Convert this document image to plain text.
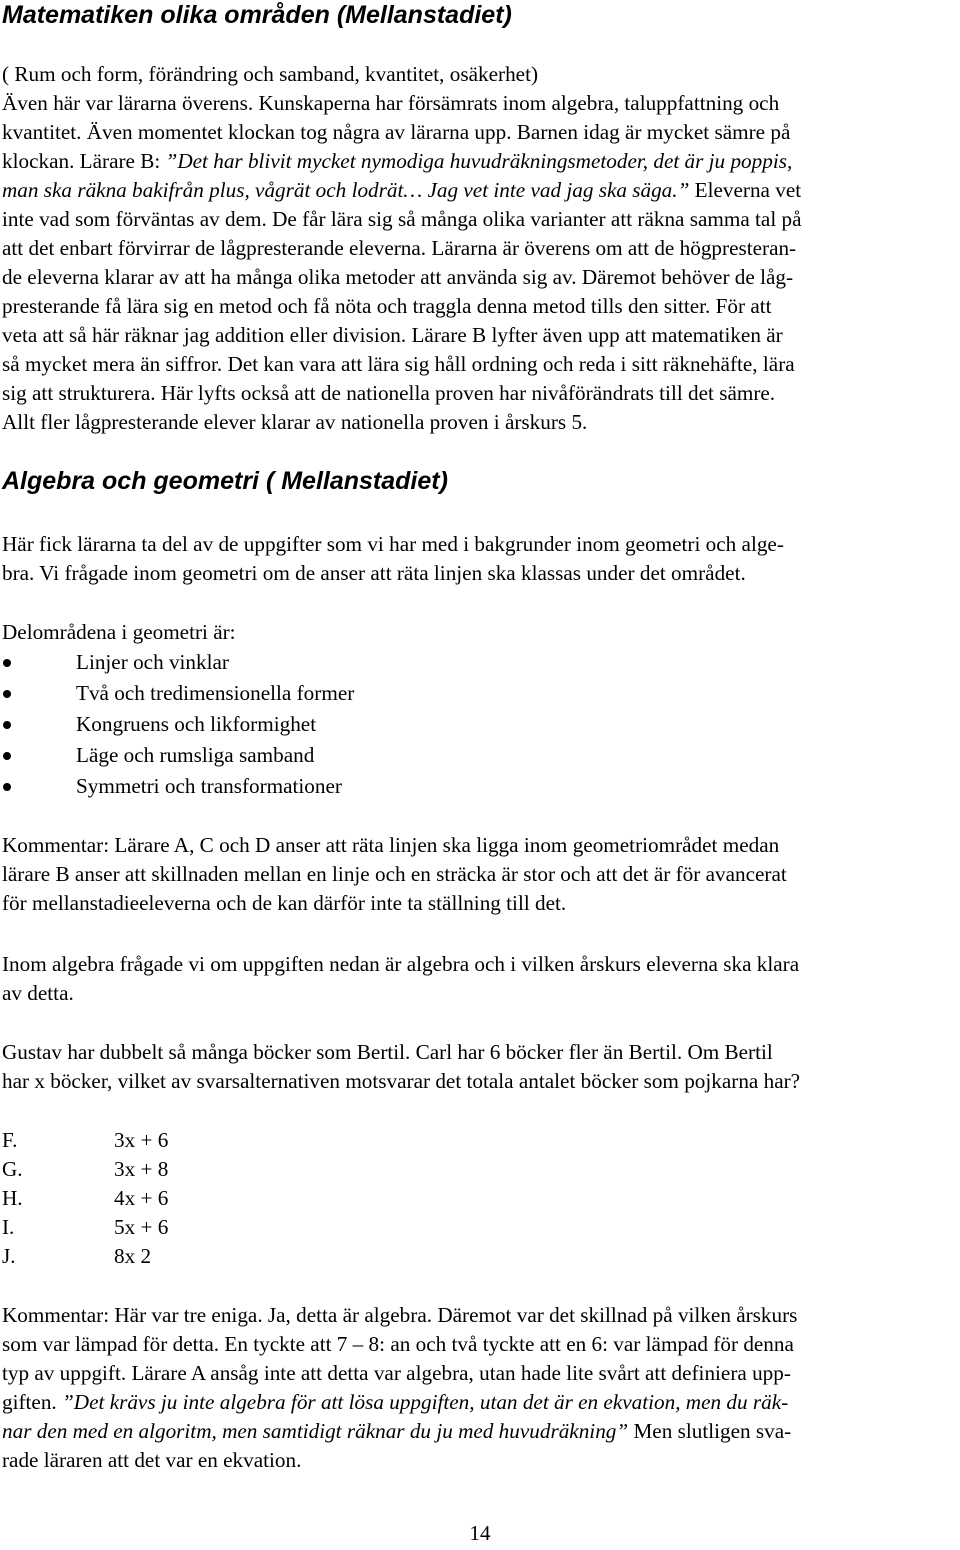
Matematiken olika områden (Mellanstadiet)
( Rum och form, förändring och samband, kvantitet, osäkerhet)
Även här var lärarna överens. Kunskaperna har försämrats inom algebra, taluppfattning och
kvantitet. Även momentet klockan tog några av lärarna upp. Barnen idag är mycket sämre på
klockan. Lärare B: ”Det har blivit mycket nymodiga huvudräkningsmetoder, det är ju poppis,
man ska räkna bakifrån plus, vågrät och lodrät… Jag vet inte vad jag ska säga.” Eleverna vet
inte vad som förväntas av dem. De får lära sig så många olika varianter att räkna samma tal på
att det enbart förvirrar de lågpresterande eleverna. Lärarna är överens om att de högpresteran-
de eleverna klarar av att ha många olika metoder att använda sig av. Däremot behöver de låg-
presterande få lära sig en metod och få nöta och traggla denna metod tills den sitter. För att
veta att så här räknar jag addition eller division. Lärare B lyfter även upp att matematiken är
så mycket mera än siffror. Det kan vara att lära sig håll ordning och reda i sitt räknehäfte, lära
sig att strukturera. Här lyfts också att de nationella proven har nivåförändrats till det sämre.
Allt fler lågpresterande elever klarar av nationella proven i årskurs 5.
Algebra och geometri ( Mellanstadiet)
Här fick lärarna ta del av de uppgifter som vi har med i bakgrunder inom geometri och alge-
bra. Vi frågade inom geometri om de anser att räta linjen ska klassas under det området.
Delområdena i geometri är:
Linjer och vinklar
Två och tredimensionella former
Kongruens och likformighet
Läge och rumsliga samband
Symmetri och transformationer
Kommentar: Lärare A, C och D anser att räta linjen ska ligga inom geometriområdet medan
lärare B anser att skillnaden mellan en linje och en sträcka är stor och att det är för avancerat
för mellanstadieeleverna och de kan därför inte ta ställning till det.
Inom algebra frågade vi om uppgiften nedan är algebra och i vilken årskurs eleverna ska klara
av detta.
Gustav har dubbelt så många böcker som Bertil. Carl har 6 böcker fler än Bertil. Om Bertil
har x böcker, vilket av svarsalternativen motsvarar det totala antalet böcker som pojkarna har?
F.	3x + 6
G.	3x + 8
H.	4x + 6
I.	5x + 6
J.	8x 2
Kommentar: Här var tre eniga. Ja, detta är algebra. Däremot var det skillnad på vilken årskurs
som var lämpad för detta. En tyckte att 7 – 8: an och två tyckte att en 6: var lämpad för denna
typ av uppgift. Lärare A ansåg inte att detta var algebra, utan hade lite svårt att definiera upp-
giften. ”Det krävs ju inte algebra för att lösa uppgiften, utan det är en ekvation, men du räk-
nar den med en algoritm, men samtidigt räknar du ju med huvudräkning” Men slutligen sva-
rade läraren att det var en ekvation.
14
